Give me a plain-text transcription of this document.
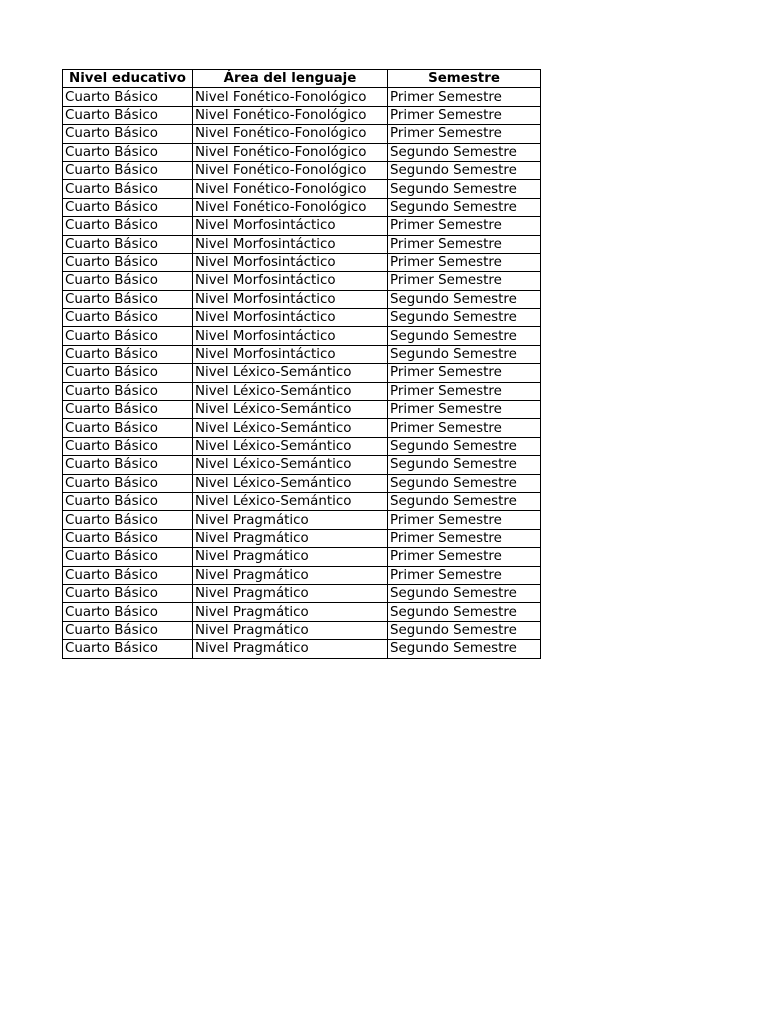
Nivel educativo	Área del lenguaje	Semestre
Cuarto Básico	Nivel Fonético-Fonológico	Primer Semestre
Cuarto Básico	Nivel Fonético-Fonológico	Primer Semestre
Cuarto Básico	Nivel Fonético-Fonológico	Primer Semestre
Cuarto Básico	Nivel Fonético-Fonológico	Segundo Semestre
Cuarto Básico	Nivel Fonético-Fonológico	Segundo Semestre
Cuarto Básico	Nivel Fonético-Fonológico	Segundo Semestre
Cuarto Básico	Nivel Fonético-Fonológico	Segundo Semestre
Cuarto Básico	Nivel Morfosintáctico	Primer Semestre
Cuarto Básico	Nivel Morfosintáctico	Primer Semestre
Cuarto Básico	Nivel Morfosintáctico	Primer Semestre
Cuarto Básico	Nivel Morfosintáctico	Primer Semestre
Cuarto Básico	Nivel Morfosintáctico	Segundo Semestre
Cuarto Básico	Nivel Morfosintáctico	Segundo Semestre
Cuarto Básico	Nivel Morfosintáctico	Segundo Semestre
Cuarto Básico	Nivel Morfosintáctico	Segundo Semestre
Cuarto Básico	Nivel Léxico-Semántico	Primer Semestre
Cuarto Básico	Nivel Léxico-Semántico	Primer Semestre
Cuarto Básico	Nivel Léxico-Semántico	Primer Semestre
Cuarto Básico	Nivel Léxico-Semántico	Primer Semestre
Cuarto Básico	Nivel Léxico-Semántico	Segundo Semestre
Cuarto Básico	Nivel Léxico-Semántico	Segundo Semestre
Cuarto Básico	Nivel Léxico-Semántico	Segundo Semestre
Cuarto Básico	Nivel Léxico-Semántico	Segundo Semestre
Cuarto Básico	Nivel Pragmático	Primer Semestre
Cuarto Básico	Nivel Pragmático	Primer Semestre
Cuarto Básico	Nivel Pragmático	Primer Semestre
Cuarto Básico	Nivel Pragmático	Primer Semestre
Cuarto Básico	Nivel Pragmático	Segundo Semestre
Cuarto Básico	Nivel Pragmático	Segundo Semestre
Cuarto Básico	Nivel Pragmático	Segundo Semestre
Cuarto Básico	Nivel Pragmático	Segundo Semestre
